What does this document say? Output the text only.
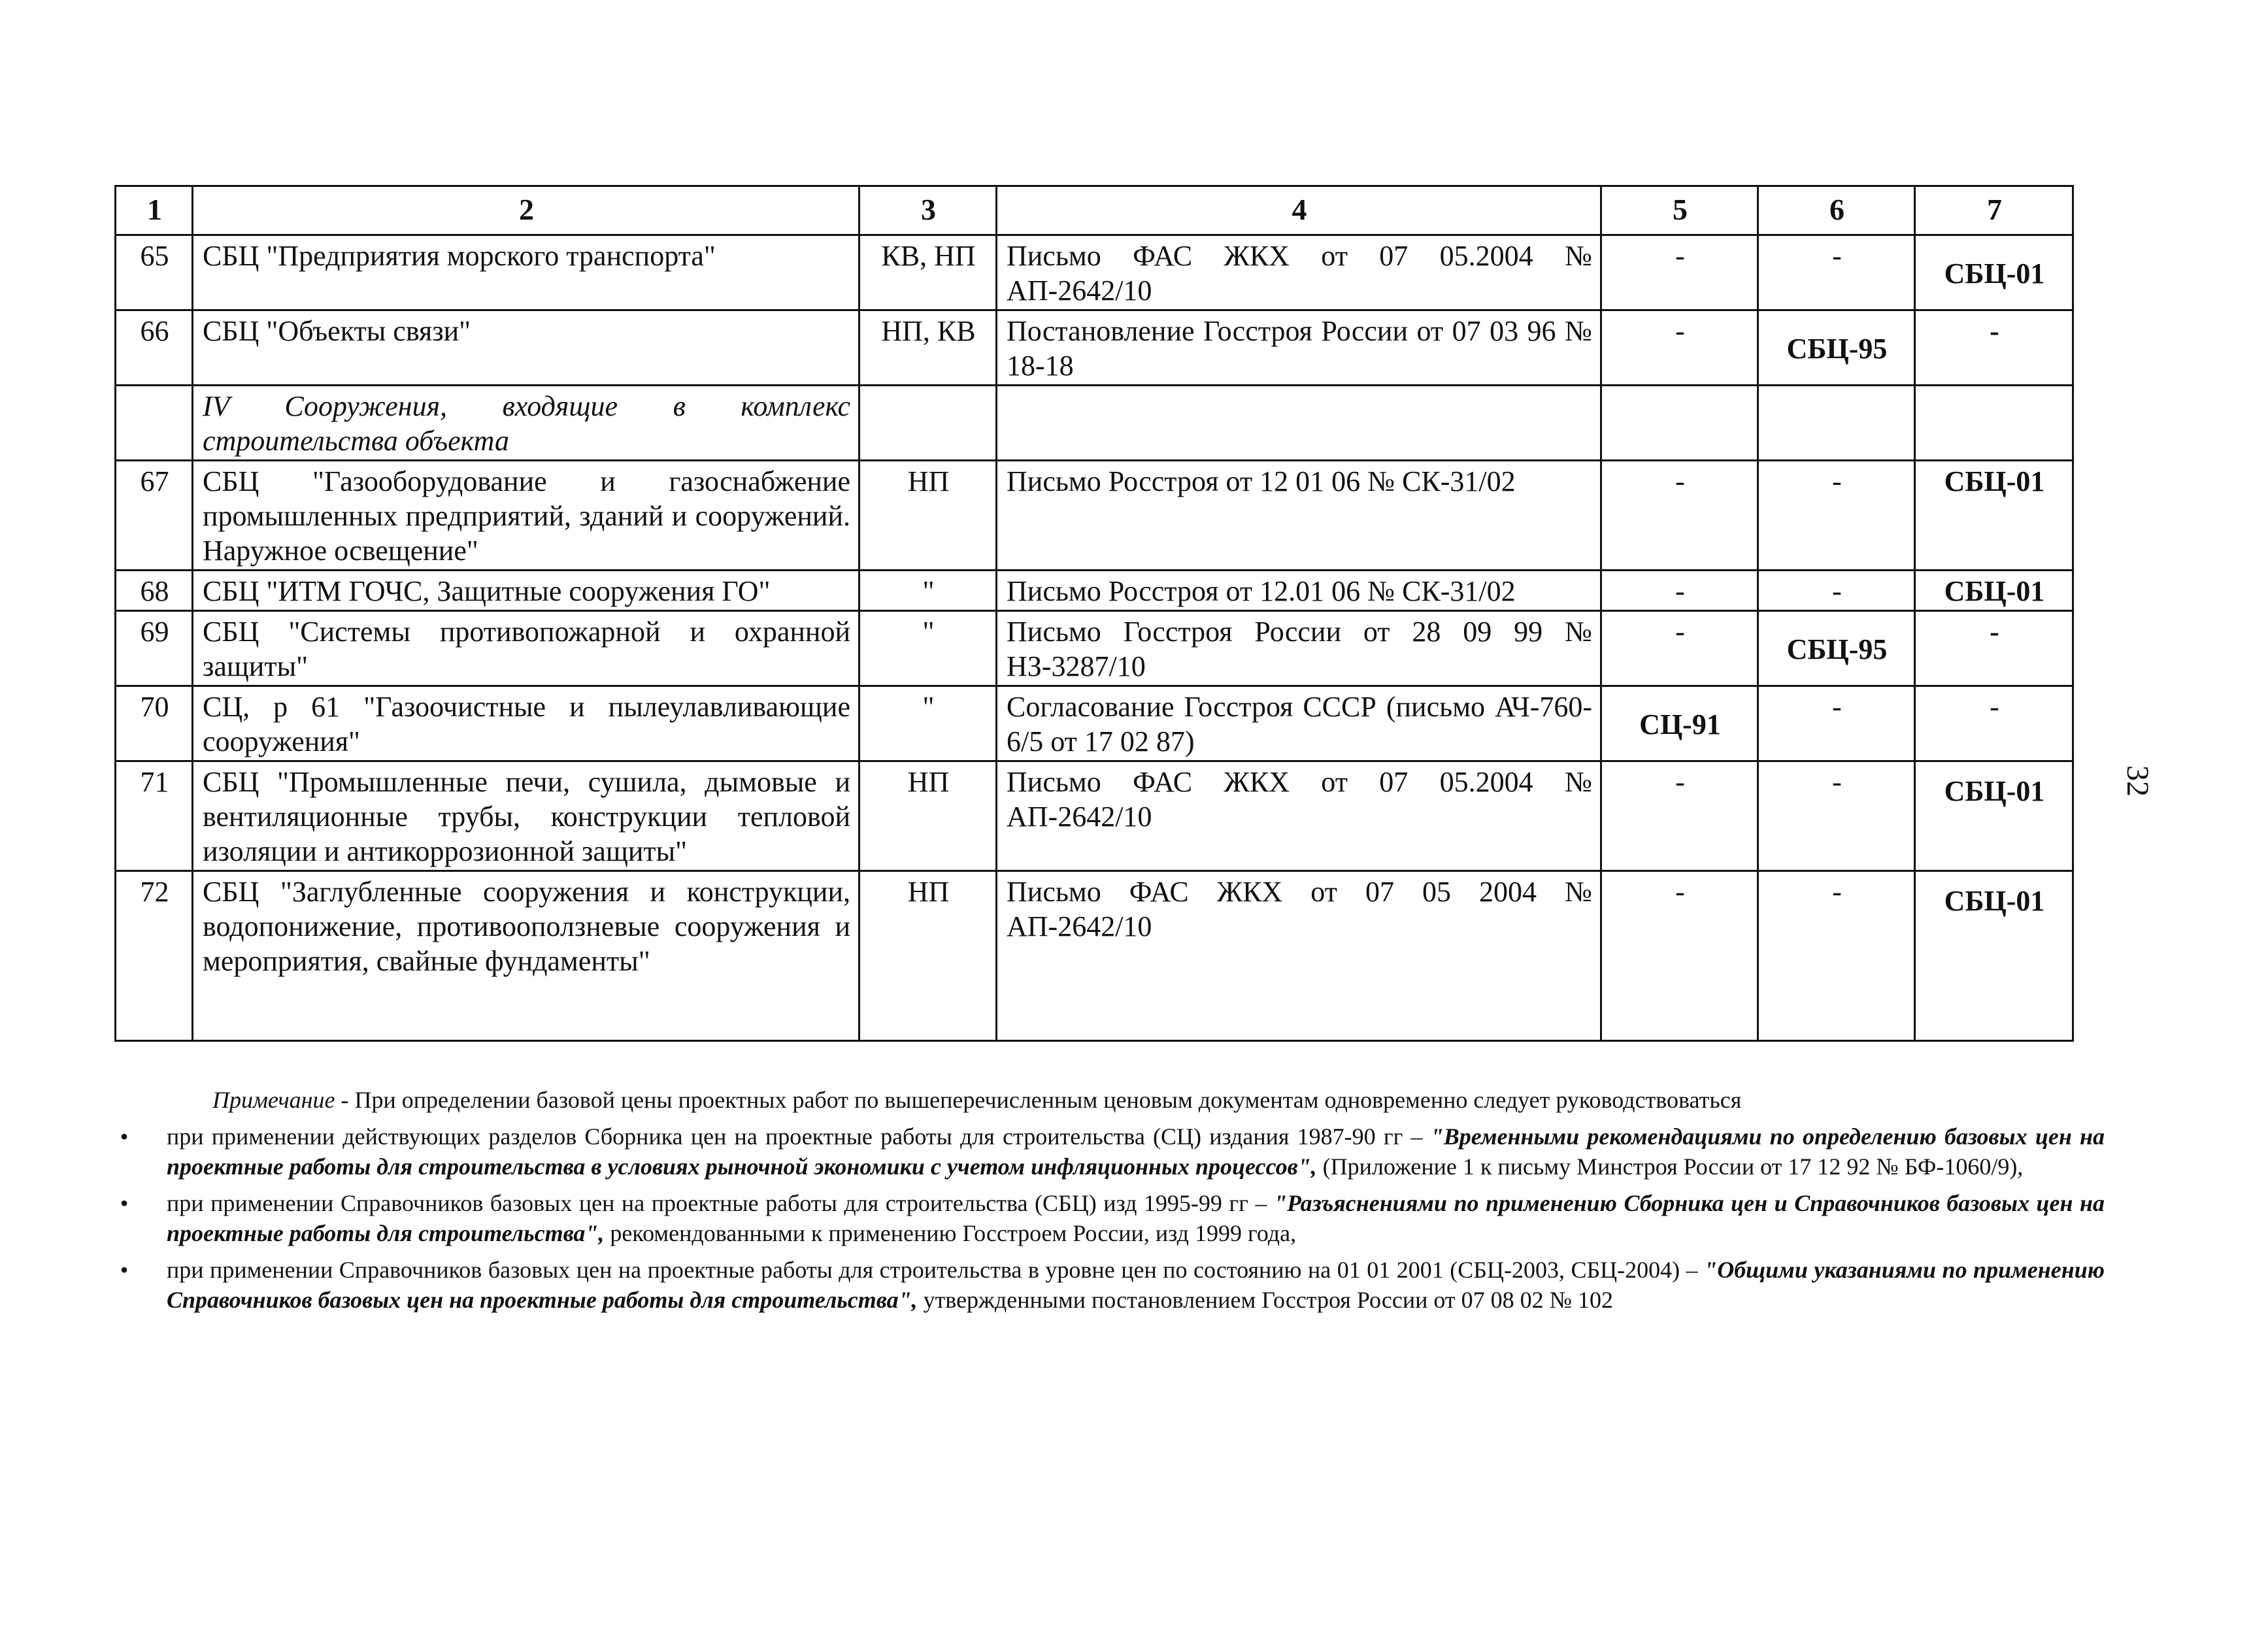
1	2	3	4	5	6	7
65	СБЦ "Предприятия морского транспорта"	КВ, НП	Письмо ФАС ЖКХ от 07 05.2004 № АП-2642/10	-	-	СБЦ-01
66	СБЦ "Объекты связи"	НП, КВ	Постановление Госстроя России от 07 03 96 № 18-18	-	СБЦ-95	-
	IV Сооружения, входящие в комплекс строительства объекта					
67	СБЦ "Газооборудование и газоснабжение промышленных предприятий, зданий и сооружений. Наружное освещение"	НП	Письмо Росстроя от 12 01 06 № СК-31/02	-	-	СБЦ-01
68	СБЦ "ИТМ ГОЧС, Защитные сооружения ГО"	"	Письмо Росстроя от 12.01 06 № СК-31/02	-	-	СБЦ-01
69	СБЦ "Системы противопожарной и охранной защиты"	"	Письмо Госстроя России от 28 09 99 № НЗ-3287/10	-	СБЦ-95	-
70	СЦ, р 61 "Газоочистные и пылеулавливающие сооружения"	"	Согласование Госстроя СССР (письмо АЧ-760-6/5 от 17 02 87)	СЦ-91	-	-
71	СБЦ "Промышленные печи, сушила, дымовые и вентиляционные трубы, конструкции тепловой изоляции и антикоррозионной защиты"	НП	Письмо ФАС ЖКХ от 07 05.2004 № АП-2642/10	-	-	СБЦ-01
72	СБЦ "Заглубленные сооружения и конструкции, водопонижение, противооползневые сооружения и мероприятия, свайные фундаменты"	НП	Письмо ФАС ЖКХ от 07 05 2004 № АП-2642/10	-	-	СБЦ-01
32
Примечание - При определении базовой цены проектных работ по вышеперечисленным ценовым документам одновременно следует руководствоваться
• при применении действующих разделов Сборника цен на проектные работы для строительства (СЦ) издания 1987-90 гг – "Временными рекомендациями по определению базовых цен на проектные работы для строительства в условиях рыночной экономики с учетом инфляционных процессов", (Приложение 1 к письму Минстроя России от 17 12 92 № БФ-1060/9),
• при применении Справочников базовых цен на проектные работы для строительства (СБЦ) изд 1995-99 гг – "Разъяснениями по применению Сборника цен и Справочников базовых цен на проектные работы для строительства", рекомендованными к применению Госстроем России, изд 1999 года,
• при применении Справочников базовых цен на проектные работы для строительства в уровне цен по состоянию на 01 01 2001 (СБЦ-2003, СБЦ-2004) – "Общими указаниями по применению Справочников базовых цен на проектные работы для строительства", утвержденными постановлением Госстроя России от 07 08 02 № 102
